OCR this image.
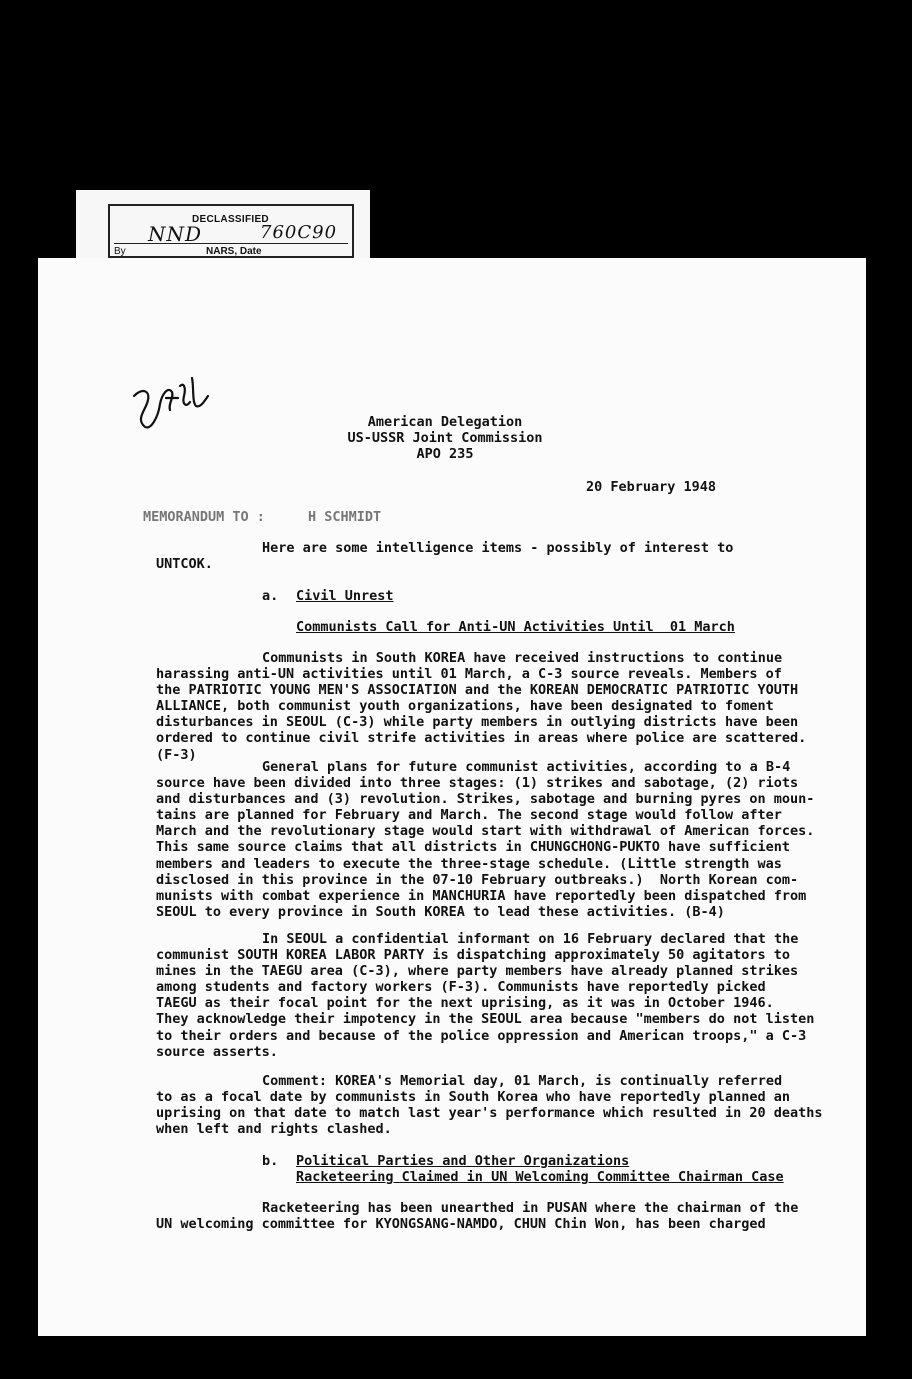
DECLASSIFIED
NND	760C90
By	NARS, Date
American Delegation
US-USSR Joint Commission
APO 235
20 February 1948
MEMORANDUM TO :	H SCHMIDT
Here are some intelligence items - possibly of interest to
UNTCOK.
a. Civil Unrest
Communists Call for Anti-UN Activities Until  01 March
Communists in South KOREA have received instructions to continue
harassing anti-UN activities until 01 March, a C-3 source reveals. Members of
the PATRIOTIC YOUNG MEN'S ASSOCIATION and the KOREAN DEMOCRATIC PATRIOTIC YOUTH
ALLIANCE, both communist youth organizations, have been designated to foment
disturbances in SEOUL (C-3) while party members in outlying districts have been
ordered to continue civil strife activities in areas where police are scattered.
(F-3)
General plans for future communist activities, according to a B-4
source have been divided into three stages: (1) strikes and sabotage, (2) riots
and disturbances and (3) revolution. Strikes, sabotage and burning pyres on moun-
tains are planned for February and March. The second stage would follow after
March and the revolutionary stage would start with withdrawal of American forces.
This same source claims that all districts in CHUNGCHONG-PUKTO have sufficient
members and leaders to execute the three-stage schedule. (Little strength was
disclosed in this province in the 07-10 February outbreaks.)  North Korean com-
munists with combat experience in MANCHURIA have reportedly been dispatched from
SEOUL to every province in South KOREA to lead these activities. (B-4)
In SEOUL a confidential informant on 16 February declared that the
communist SOUTH KOREA LABOR PARTY is dispatching approximately 50 agitators to
mines in the TAEGU area (C-3), where party members have already planned strikes
among students and factory workers (F-3). Communists have reportedly picked
TAEGU as their focal point for the next uprising, as it was in October 1946.
They acknowledge their impotency in the SEOUL area because "members do not listen
to their orders and because of the police oppression and American troops," a C-3
source asserts.
Comment: KOREA's Memorial day, 01 March, is continually referred
to as a focal date by communists in South Korea who have reportedly planned an
uprising on that date to match last year's performance which resulted in 20 deaths
when left and rights clashed.
b. Political Parties and Other Organizations
Racketeering Claimed in UN Welcoming Committee Chairman Case
Racketeering has been unearthed in PUSAN where the chairman of the
UN welcoming committee for KYONGSANG-NAMDO, CHUN Chin Won, has been charged
